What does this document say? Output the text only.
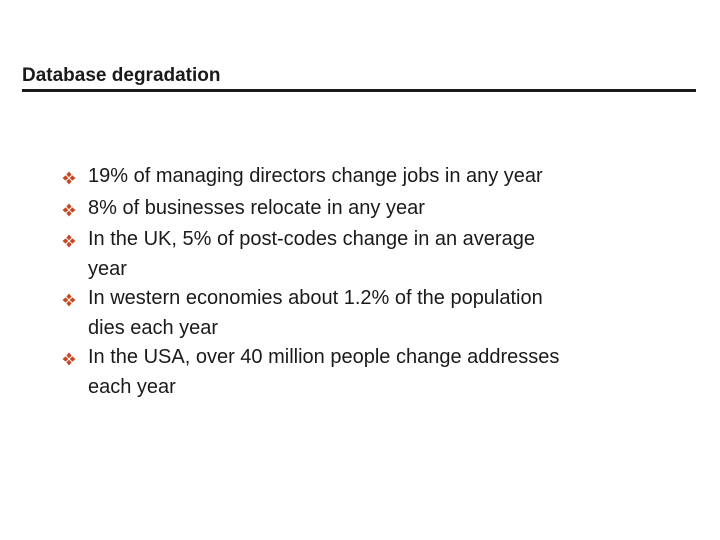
Database degradation
19% of managing directors change jobs in any year
8% of businesses relocate in any year
In the UK, 5% of post-codes change in an average
year
In western economies about 1.2% of the population
dies each year
In the USA, over 40 million people change addresses
each year
